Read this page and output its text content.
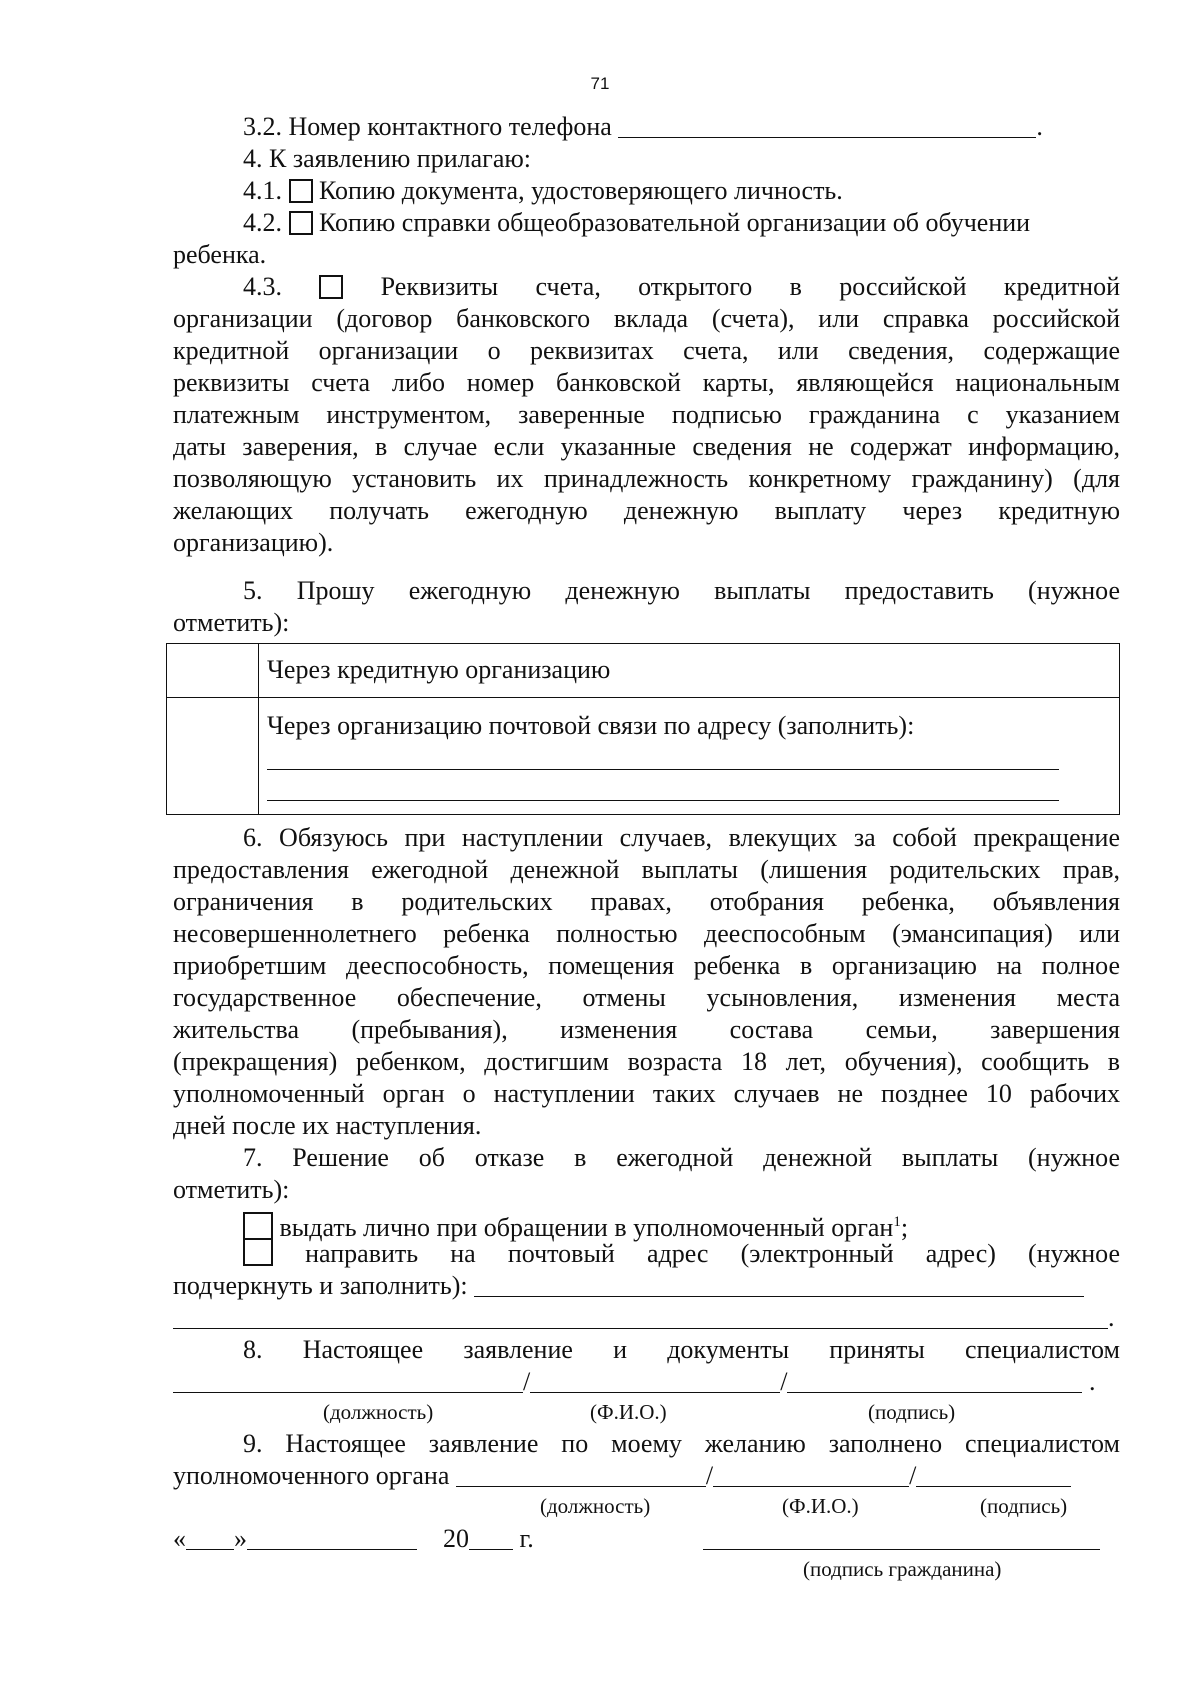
71
3.2. Номер контактного телефона	.
4. К заявлению прилагаю:
4.1. Копию документа, удостоверяющего личность.
4.2. Копию справки общеобразовательной организации об обучении
ребенка.
4.3.	Реквизиты счета, открытого в российской кредитной
организации (договор банковского вклада (счета), или справка российской
кредитной организации о реквизитах счета, или сведения, содержащие
реквизиты счета либо номер банковской карты, являющейся национальным
платежным инструментом, заверенные подписью гражданина с указанием
даты заверения, в случае если указанные сведения не содержат информацию,
позволяющую установить их принадлежность конкретному гражданину) (для
желающих получать ежегодную денежную выплату через кредитную
организацию).
5. Прошу ежегодную денежную выплаты предоставить (нужное
отметить):
Через кредитную организацию
Через организацию почтовой связи по адресу (заполнить):
6. Обязуюсь при наступлении случаев, влекущих за собой прекращение
предоставления ежегодной денежной выплаты (лишения родительских прав,
ограничения в родительских правах, отобрания ребенка, объявления
несовершеннолетнего ребенка полностью дееспособным (эмансипация) или
приобретшим дееспособность, помещения ребенка в организацию на полное
государственное обеспечение, отмены усыновления, изменения места
жительства (пребывания), изменения состава семьи, завершения
(прекращения) ребенком, достигшим возраста 18 лет, обучения), сообщить в
уполномоченный орган о наступлении таких случаев не позднее 10 рабочих
дней после их наступления.
7. Решение об отказе в ежегодной денежной выплаты (нужное
отметить):
выдать лично при обращении в уполномоченный орган$^1$;
направить на почтовый адрес (электронный адрес) (нужное
подчеркнуть и заполнить):
.
8. Настоящее заявление и документы приняты специалистом
/	/	.
(должность)	(Ф.И.О.)	(подпись)
9. Настоящее заявление по моему желанию заполнено специалистом
уполномоченного органа	/	/
(должность)	(Ф.И.О.)	(подпись)
« »	20 г.
(подпись гражданина)
